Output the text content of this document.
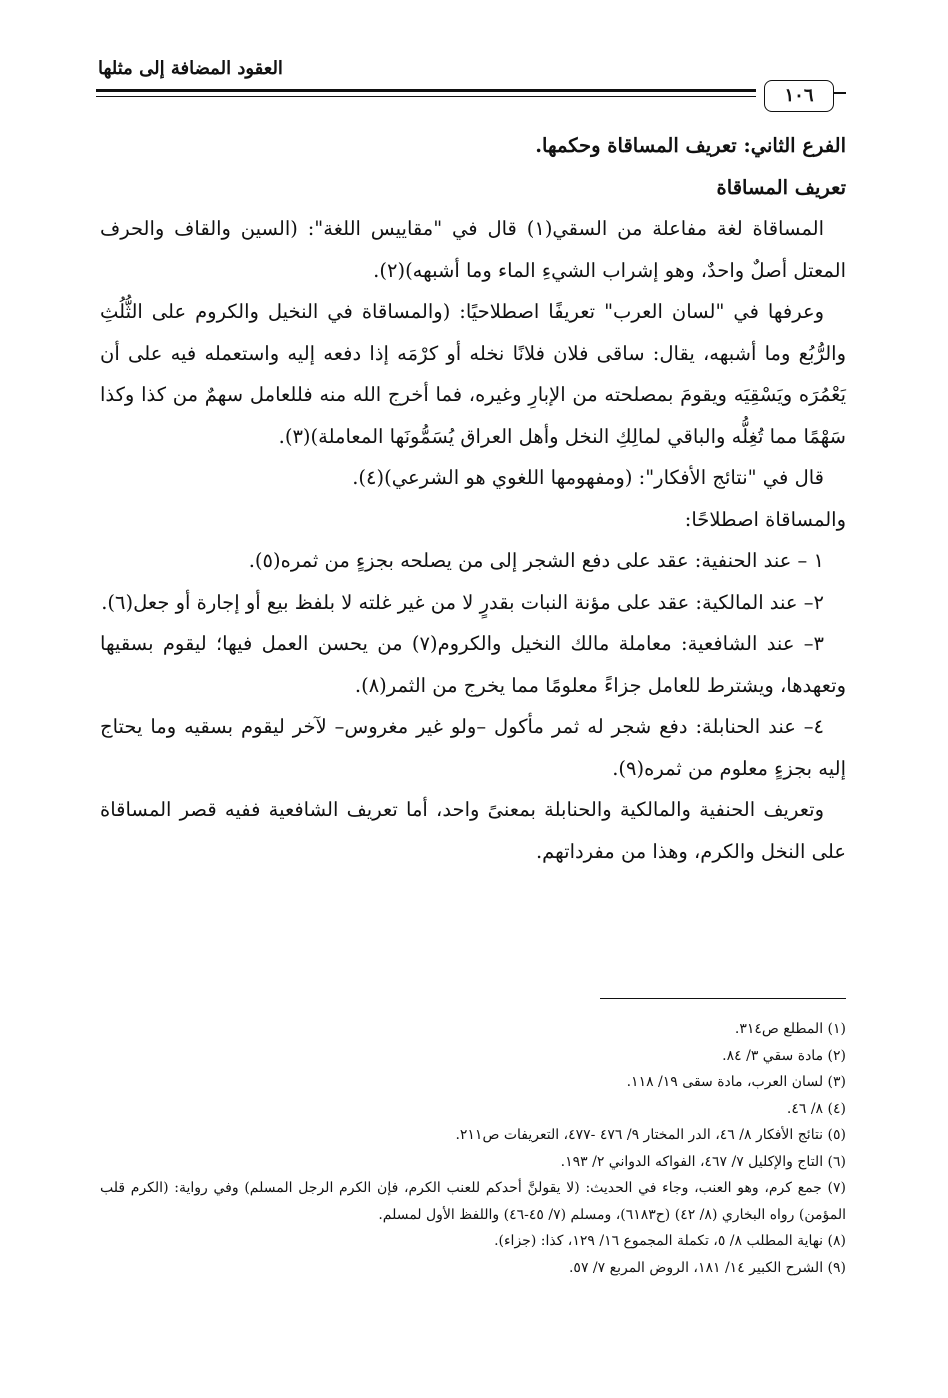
العقود المضافة إلى مثلها
١٠٦

الفرع الثاني: تعريف المساقاة وحكمها.

تعريف المساقاة

المساقاة لغة مفاعلة من السقي(١) قال في "مقاييس اللغة": (السين والقاف والحرف المعتل أصلٌ واحدٌ، وهو إشراب الشيءِ الماء وما أشبهه)(٢).

وعرفها في "لسان العرب" تعريفًا اصطلاحيًا: (والمساقاة في النخيل والكروم على الثُّلُثِ والرُّبُع وما أشبهه، يقال: ساقى فلان فلانًا نخله أو كرْمَه إذا دفعه إليه واستعمله فيه على أن يَعْمُرَه ويَسْقِيَه ويقومَ بمصلحته من الإبارِ وغيره، فما أخرج الله منه فللعامل سهمٌ من كذا وكذا سَهْمًا مما تُغِلُّه والباقي لمالِكِ النخل وأهل العراق يُسَمُّونَها المعاملة)(٣).

قال في "نتائج الأفكار": (ومفهومها اللغوي هو الشرعي)(٤).

والمساقاة اصطلاحًا:

١ – عند الحنفية: عقد على دفع الشجر إلى من يصلحه بجزءٍ من ثمره(٥).

٢– عند المالكية: عقد على مؤنة النبات بقدرٍ لا من غير غلته لا بلفظ بيع أو إجارة أو جعل(٦).

٣– عند الشافعية: معاملة مالك النخيل والكروم(٧) من يحسن العمل فيها؛ ليقوم بسقيها وتعهدها، ويشترط للعامل جزاءً معلومًا مما يخرج من الثمر(٨).

٤– عند الحنابلة: دفع شجر له ثمر مأكول –ولو غير مغروس– لآخر ليقوم بسقيه وما يحتاج إليه بجزءٍ معلوم من ثمره(٩).

وتعريف الحنفية والمالكية والحنابلة بمعنىً واحد، أما تعريف الشافعية ففيه قصر المساقاة على النخل والكرم، وهذا من مفرداتهم.

(١) المطلع ص٣١٤.

(٢) مادة سقي ٣/ ٨٤.

(٣) لسان العرب، مادة سقى ١٩/ ١١٨.

(٤) ٨/ ٤٦.

(٥) نتائج الأفكار ٨/ ٤٦، الدر المختار ٩/ ٤٧٦ -٤٧٧، التعريفات ص٢١١.

(٦) التاج والإكليل ٧/ ٤٦٧، الفواكه الدواني ٢/ ١٩٣.

(٧) جمع كرم، وهو العنب، وجاء في الحديث: (لا يقولنَّ أحدكم للعنب الكرم، فإن الكرم الرجل المسلم) وفي رواية: (الكرم قلب المؤمن) رواه البخاري (٨/ ٤٢) (ح٦١٨٣)، ومسلم (٧/ ٤٥-٤٦) واللفظ الأول لمسلم.

(٨) نهاية المطلب ٨/ ٥، تكملة المجموع ١٦/ ١٢٩، كذا: (جزاء).

(٩) الشرح الكبير ١٤/ ١٨١، الروض المربع ٧/ ٥٧.
